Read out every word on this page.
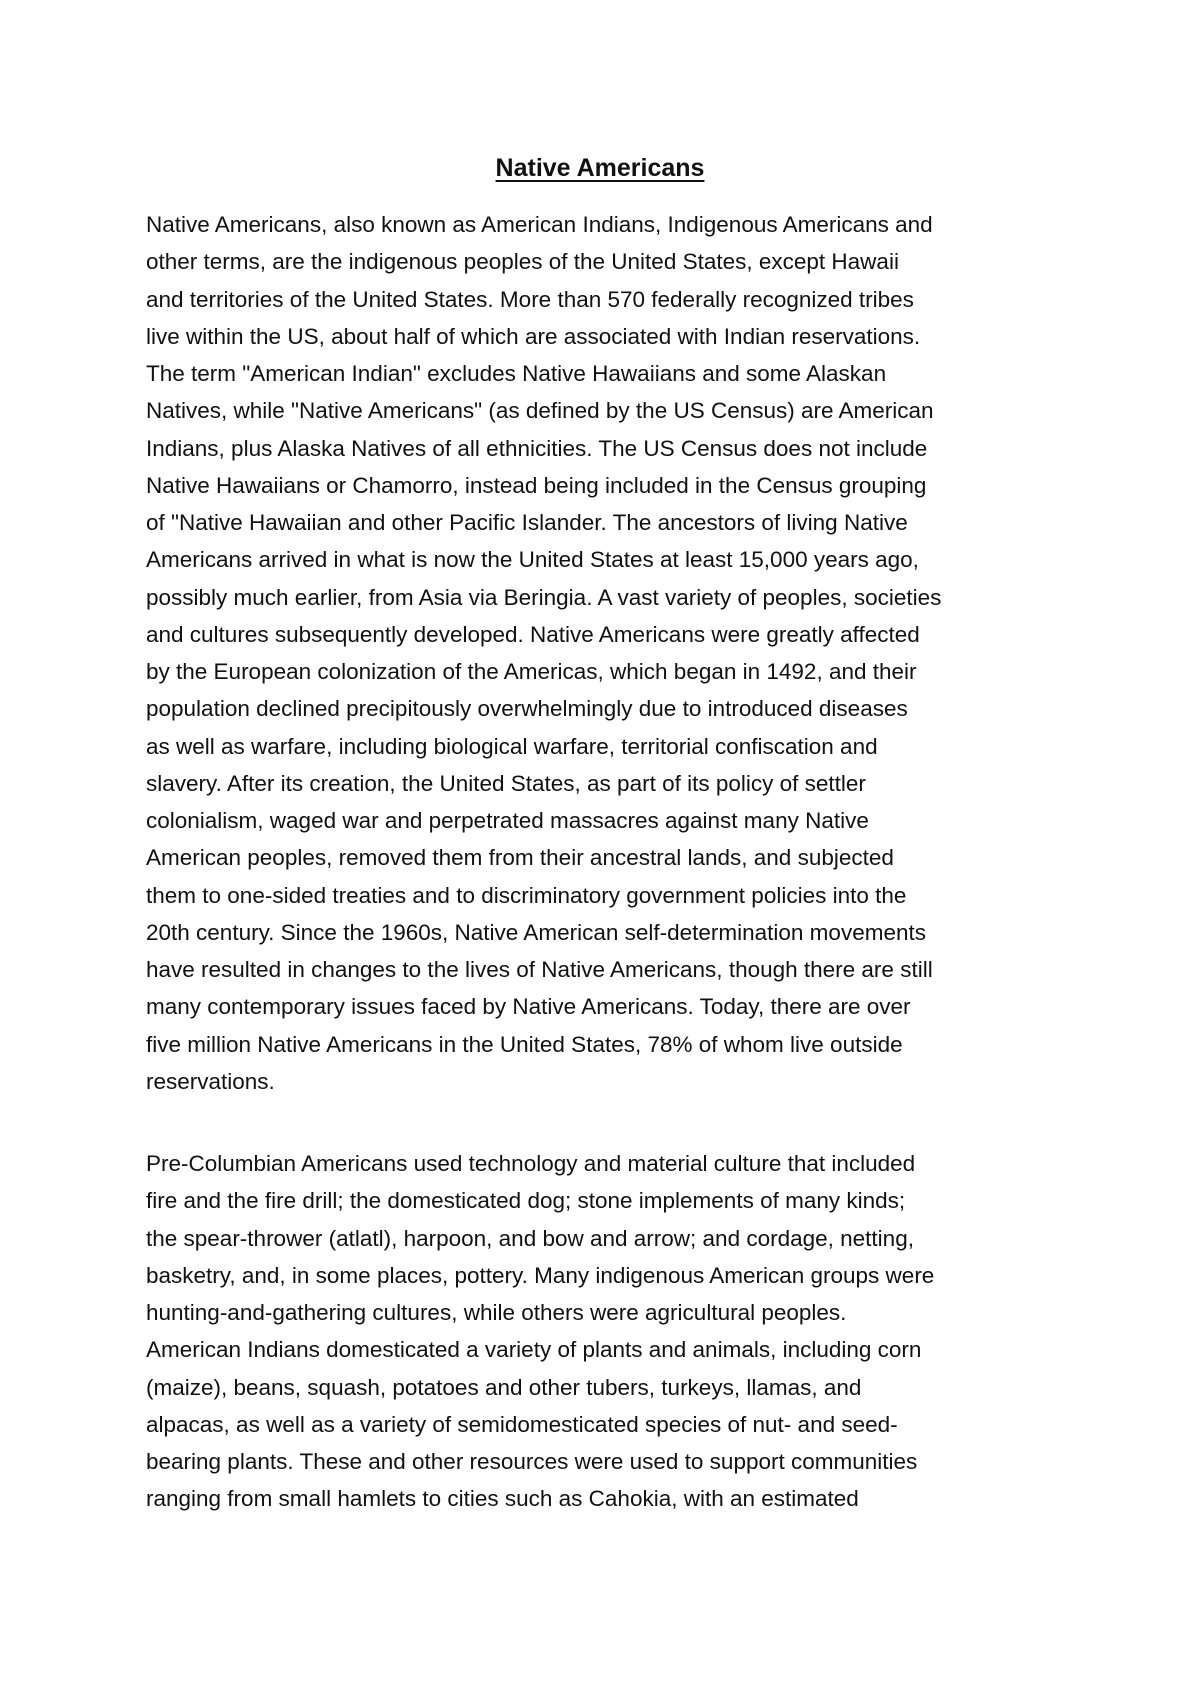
Native Americans
Native Americans, also known as American Indians, Indigenous Americans and
other terms, are the indigenous peoples of the United States, except Hawaii
and territories of the United States. More than 570 federally recognized tribes
live within the US, about half of which are associated with Indian reservations.
The term "American Indian" excludes Native Hawaiians and some Alaskan
Natives, while "Native Americans" (as defined by the US Census) are American
Indians, plus Alaska Natives of all ethnicities. The US Census does not include
Native Hawaiians or Chamorro, instead being included in the Census grouping
of "Native Hawaiian and other Pacific Islander. The ancestors of living Native
Americans arrived in what is now the United States at least 15,000 years ago,
possibly much earlier, from Asia via Beringia. A vast variety of peoples, societies
and cultures subsequently developed. Native Americans were greatly affected
by the European colonization of the Americas, which began in 1492, and their
population declined precipitously overwhelmingly due to introduced diseases
as well as warfare, including biological warfare, territorial confiscation and
slavery. After its creation, the United States, as part of its policy of settler
colonialism, waged war and perpetrated massacres against many Native
American peoples, removed them from their ancestral lands, and subjected
them to one-sided treaties and to discriminatory government policies into the
20th century. Since the 1960s, Native American self-determination movements
have resulted in changes to the lives of Native Americans, though there are still
many contemporary issues faced by Native Americans. Today, there are over
five million Native Americans in the United States, 78% of whom live outside
reservations.
Pre-Columbian Americans used technology and material culture that included
fire and the fire drill; the domesticated dog; stone implements of many kinds;
the spear-thrower (atlatl), harpoon, and bow and arrow; and cordage, netting,
basketry, and, in some places, pottery. Many indigenous American groups were
hunting-and-gathering cultures, while others were agricultural peoples.
American Indians domesticated a variety of plants and animals, including corn
(maize), beans, squash, potatoes and other tubers, turkeys, llamas, and
alpacas, as well as a variety of semidomesticated species of nut- and seed-
bearing plants. These and other resources were used to support communities
ranging from small hamlets to cities such as Cahokia, with an estimated
